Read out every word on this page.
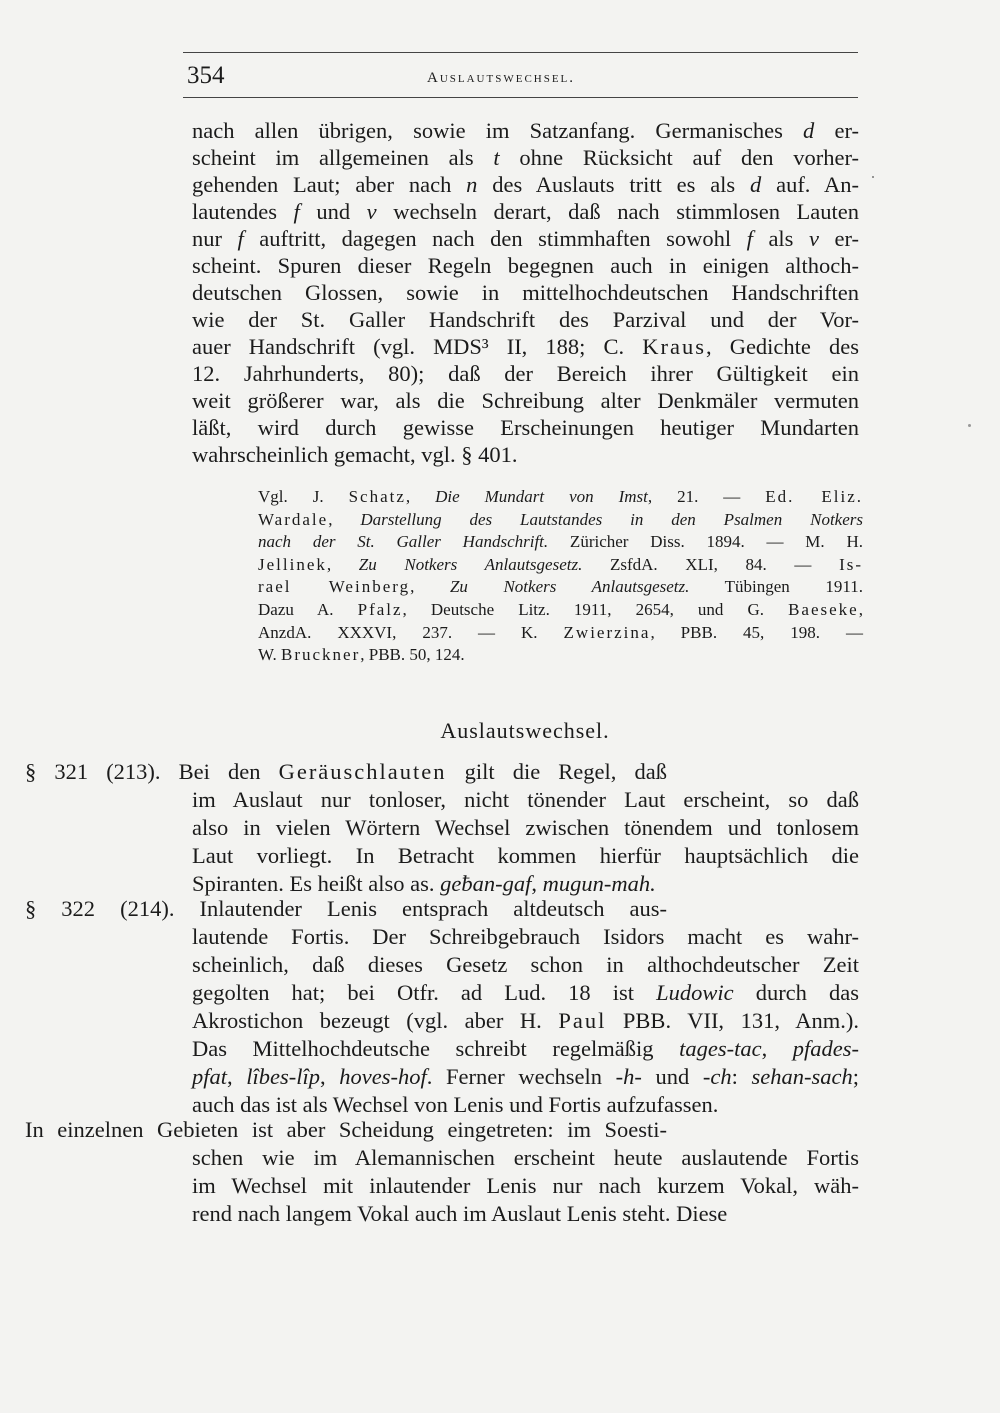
354	Auslautswechsel.
Auslautswechsel.
nach allen übrigen, sowie im Satzanfang. Germanisches d er-
scheint im allgemeinen als t ohne Rücksicht auf den vorher-
gehenden Laut; aber nach n des Auslauts tritt es als d auf. An-
lautendes f und v wechseln derart, daß nach stimmlosen Lauten
nur f auftritt, dagegen nach den stimmhaften sowohl f als v er-
scheint. Spuren dieser Regeln begegnen auch in einigen althoch-
deutschen Glossen, sowie in mittelhochdeutschen Handschriften
wie der St. Galler Handschrift des Parzival und der Vor-
auer Handschrift (vgl. MDS³ II, 188; C. Kraus, Gedichte des
12. Jahrhunderts, 80); daß der Bereich ihrer Gültigkeit ein
weit größerer war, als die Schreibung alter Denkmäler vermuten
läßt, wird durch gewisse Erscheinungen heutiger Mundarten
wahrscheinlich gemacht, vgl. § 401.
Vgl. J. Schatz, Die Mundart von Imst, 21. — Ed. Eliz.
Wardale, Darstellung des Lautstandes in den Psalmen Notkers
nach der St. Galler Handschrift. Züricher Diss. 1894. — M. H.
Jellinek, Zu Notkers Anlautsgesetz. ZsfdA. XLI, 84. — Is-
rael Weinberg, Zu Notkers Anlautsgesetz. Tübingen 1911.
Dazu A. Pfalz, Deutsche Litz. 1911, 2654, und G. Baeseke,
AnzdA. XXXVI, 237. — K. Zwierzina, PBB. 45, 198. —
W. Bruckner, PBB. 50, 124.
§ 321 (213). Bei den Geräuschlauten gilt die Regel, daß
im Auslaut nur tonloser, nicht tönender Laut erscheint, so daß
also in vielen Wörtern Wechsel zwischen tönendem und tonlosem
Laut vorliegt. In Betracht kommen hierfür hauptsächlich die
Spiranten. Es heißt also as. geƀan-gaf, mugun-mah.
§ 322 (214). Inlautender Lenis entsprach altdeutsch aus-
lautende Fortis. Der Schreibgebrauch Isidors macht es wahr-
scheinlich, daß dieses Gesetz schon in althochdeutscher Zeit
gegolten hat; bei Otfr. ad Lud. 18 ist Ludowic durch das
Akrostichon bezeugt (vgl. aber H. Paul PBB. VII, 131, Anm.).
Das Mittelhochdeutsche schreibt regelmäßig tages-tac, pfades-
pfat, lîbes-lîp, hoves-hof. Ferner wechseln -h- und -ch: sehan-sach;
auch das ist als Wechsel von Lenis und Fortis aufzufassen.
In einzelnen Gebieten ist aber Scheidung eingetreten: im Soesti-
schen wie im Alemannischen erscheint heute auslautende Fortis
im Wechsel mit inlautender Lenis nur nach kurzem Vokal, wäh-
rend nach langem Vokal auch im Auslaut Lenis steht. Diese
